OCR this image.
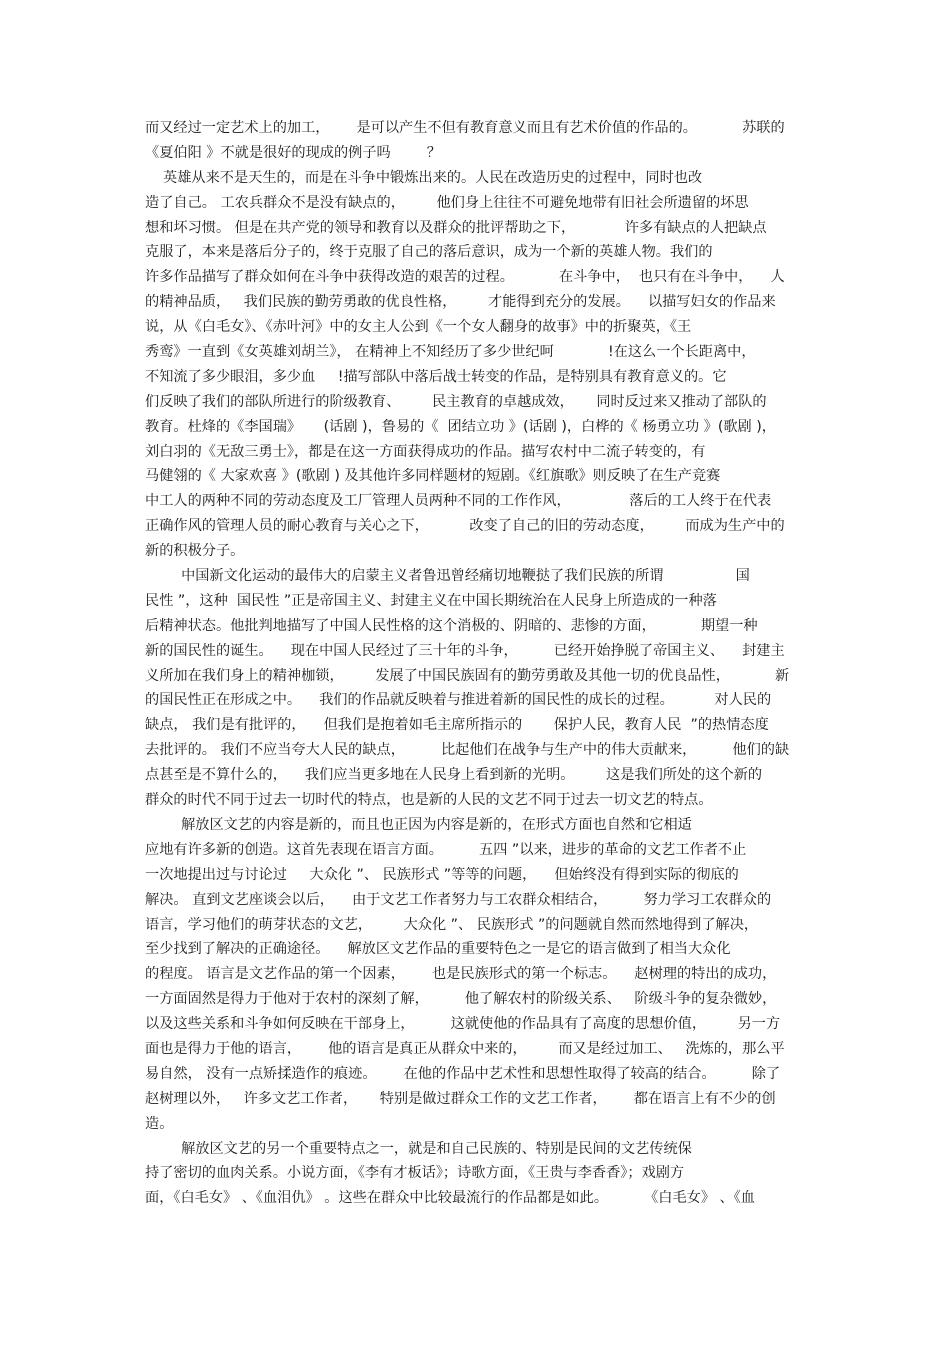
而又经过一定艺术上的加工，      是可以产生不但有教育意义而且有艺术价值的作品的。          苏联的
《夏伯阳 》不就是很好的现成的例子吗        ？
英雄从来不是天生的，而是在斗争中锻炼出来的。人民在改造历史的过程中，同时也改
造了自己。 工农兵群众不是没有缺点的，       他们身上往往不可避免地带有旧社会所遗留的坏思
想和坏习惯。 但是在共产党的领导和教育以及群众的批评帮助之下，           许多有缺点的人把缺点
克服了，本来是落后分子的，终于克服了自己的落后意识，成为一个新的英雄人物。我们的
许多作品描写了群众如何在斗争中获得改造的艰苦的过程。          在斗争中，  也只有在斗争中，    人
的精神品质，   我们民族的勤劳勇敢的优良性格，       才能得到充分的发展。    以描写妇女的作品来
说，从《白毛女》、《赤叶河》中的女主人公到《一个女人翻身的故事》中的折聚英，《王
秀鸾》一直到《女英雄刘胡兰》， 在精神上不知经历了多少世纪呵            !在这么一个长距离中，
不知流了多少眼泪，多少血     !描写部队中落后战士转变的作品，是特别具有教育意义的。它
们反映了我们的部队所进行的阶级教育、       民主教育的卓越成效，     同时反过来又推动了部队的
教育。杜烽的《李国瑞》     (话剧 )，鲁易的《  团结立功 》(话剧 )，白桦的《 杨勇立功 》(歌剧 )，
刘白羽的《无敌三勇士》，都是在这一方面获得成功的作品。描写农村中二流子转变的，有
马健翎的《 大家欢喜 》(歌剧 ) 及其他许多同样题材的短剧。《红旗歌》则反映了在生产竞赛
中工人的两种不同的劳动态度及工厂管理人员两种不同的工作作风，             落后的工人终于在代表
正确作风的管理人员的耐心教育与关心之下，         改变了自己的旧的劳动态度，       而成为生产中的
新的积极分子。
中国新文化运动的最伟大的启蒙主义者鲁迅曾经痛切地鞭挞了我们民族的所谓                国
民性 ”，这种  国民性 ”正是帝国主义、封建主义在中国长期统治在人民身上所造成的一种落
后精神状态。他批判地描写了中国人民性格的这个消极的、阴暗的、悲惨的方面，          期望一种
新的国民性的诞生。    现在中国人民经过了三十年的斗争，        已经开始挣脱了帝国主义、    封建主
义所加在我们身上的精神枷锁，       发展了中国民族固有的勤劳勇敢及其他一切的优良品性，          新
的国民性正在形成之中。    我们的作品就反映着与推进着新的国民性的成长的过程。         对人民的
缺点， 我们是有批评的，    但我们是抱着如毛主席所指示的       保护人民，教育人民  ”的热情态度
去批评的。 我们不应当夸大人民的缺点，        比起他们在战争与生产中的伟大贡献来，        他们的缺
点甚至是不算什么的，    我们应当更多地在人民身上看到新的光明。       这是我们所处的这个新的
群众的时代不同于过去一切时代的特点，也是新的人民的文艺不同于过去一切文艺的特点。
解放区文艺的内容是新的，而且也正因为内容是新的，在形式方面也自然和它相适
应地有许多新的创造。这首先表现在语言方面。        五四 ”以来，进步的革命的文艺工作者不止
一次地提出过与讨论过     大众化 ”、 民族形式 ”等等的问题，    但始终没有得到实际的彻底的
解决。 直到文艺座谈会以后，    由于文艺工作者努力与工农群众相结合，        努力学习工农群众的
语言，学习他们的萌芽状态的文艺，       大众化 ”、 民族形式 ”的问题就自然而然地得到了解决，
至少找到了解决的正确途径。    解放区文艺作品的重要特色之一是它的语言做到了相当大众化
的程度。 语言是文艺作品的第一个因素，      也是民族形式的第一个标志。    赵树理的特出的成功，
一方面固然是得力于他对于农村的深刻了解，        他了解农村的阶级关系、   阶级斗争的复杂微妙，
以及这些关系和斗争如何反映在干部身上，        这就使他的作品具有了高度的思想价值，       另一方
面也是得力于他的语言，      他的语言是真正从群众中来的，       而又是经过加工、   洗炼的，那么平
易自然， 没有一点矫揉造作的痕迹。      在他的作品中艺术性和思想性取得了较高的结合。        除了
赵树理以外，   许多文艺工作者，     特别是做过群众工作的文艺工作者，      都在语言上有不少的创
造。
解放区文艺的另一个重要特点之一，就是和自己民族的、特别是民间的文艺传统保
持了密切的血肉关系。小说方面，《李有才板话》；诗歌方面，《王贵与李香香》；戏剧方
面，《白毛女》 、《血泪仇》 。这些在群众中比较最流行的作品都是如此。        《白毛女》 、《血
